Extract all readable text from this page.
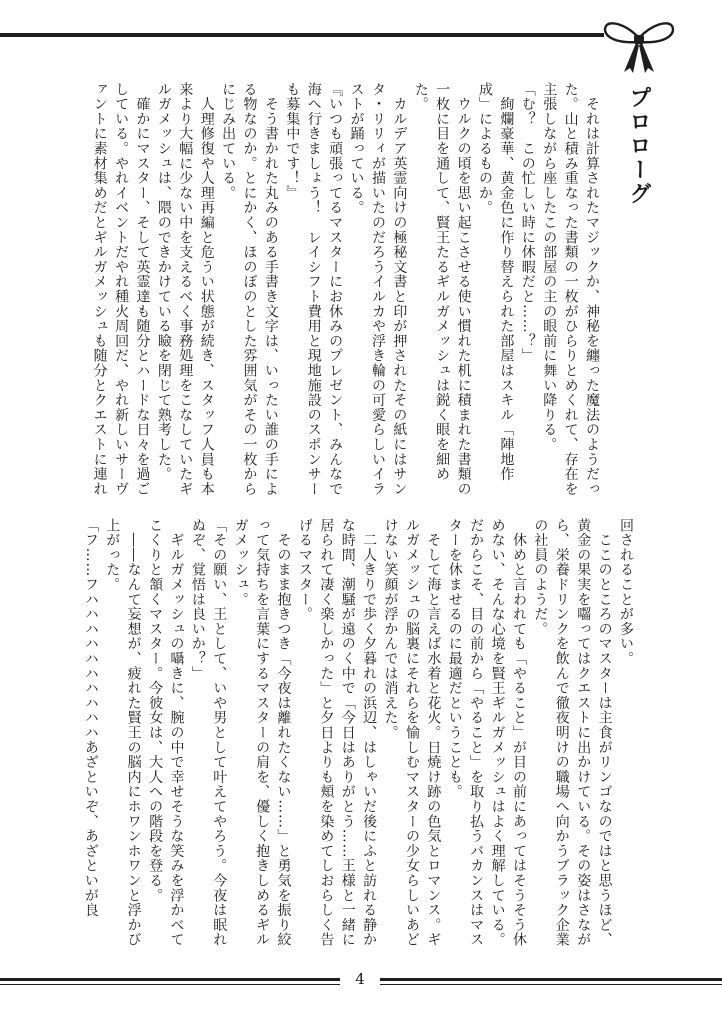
プロローグ

　それは計算されたマジックか、神秘を纏った魔法のようだった。山と積み重なった書類の一枚がひらりとめくれて、存在を主張しながら座したこの部屋の主の眼前に舞い降りる。

「む？　この忙しい時に休暇だと……？」

　絢爛豪華、黄金色に作り替えられた部屋はスキル「陣地作成」によるものか。

　ウルクの頃を思い起こさせる使い慣れた机に積まれた書類の一枚に目を通して、賢王たるギルガメッシュは鋭く眼を細めた。

　カルデア英霊向けの極秘文書と印が押されたその紙にはサンタ・リリィが描いたのだろうイルカや浮き輪の可愛らしいイラストが踊っている。

『いつも頑張ってるマスターにお休みのプレゼント、みんなで海へ行きましょう！　レイシフト費用と現地施設のスポンサーも募集中です！』

　そう書かれた丸みのある手書き文字は、いったい誰の手による物なのか。とにかく、ほのぼのとした雰囲気がその一枚からにじみ出ている。

　人理修復や人理再編と危うい状態が続き、スタッフ人員も本来より大幅に少ない中を支えるべく事務処理をこなしていたギルガメッシュは、隈のできかけている瞼を閉じて熟考した。

　確かにマスター、そして英霊達も随分とハードな日々を過ごしている。やれイベントだやれ種火周回だ、やれ新しいサーヴァントに素材集めだとギルガメッシュも随分とクエストに連れ

回されることが多い。

　ここのところのマスターは主食がリンゴなのではと思うほど、黄金の果実を囓ってはクエストに出かけている。その姿はさながら、栄養ドリンクを飲んで徹夜明けの職場へ向かうブラック企業の社員のようだ。

　休めと言われても「やること」が目の前にあってはそうそう休めない、そんな心境を賢王ギルガメッシュはよく理解している。だからこそ、目の前から「やること」を取り払うバカンスはマスターを休ませるのに最適だということも。

　そして海と言えば水着と花火。日焼け跡の色気とロマンス。ギルガメッシュの脳裏にそれらを愉しむマスターの少女らしいあどけない笑顔が浮かんでは消えた。

　二人きりで歩く夕暮れの浜辺、はしゃいだ後にふと訪れる静かな時間、潮騒が遠のく中で「今日はありがとう……王様と一緒に居られて凄く楽しかった」と夕日よりも頬を染めてしおらしく告げるマスター。

　そのまま抱きつき「今夜は離れたくない……」と勇気を振り絞って気持ちを言葉にするマスターの肩を、優しく抱きしめるギルガメッシュ。

「その願い、王として、いや男として叶えてやろう。今夜は眠れぬぞ、覚悟は良いか？」

　ギルガメッシュの囁きに、腕の中で幸せそうな笑みを浮かべてこくりと頷くマスター。今彼女は、大人への階段を登る。

　――なんて妄想が、疲れた賢王の脳内にホワンホワンと浮かび上がった。

「フ……フハハハハハハハハハハあざといぞ、あざといが良

4
